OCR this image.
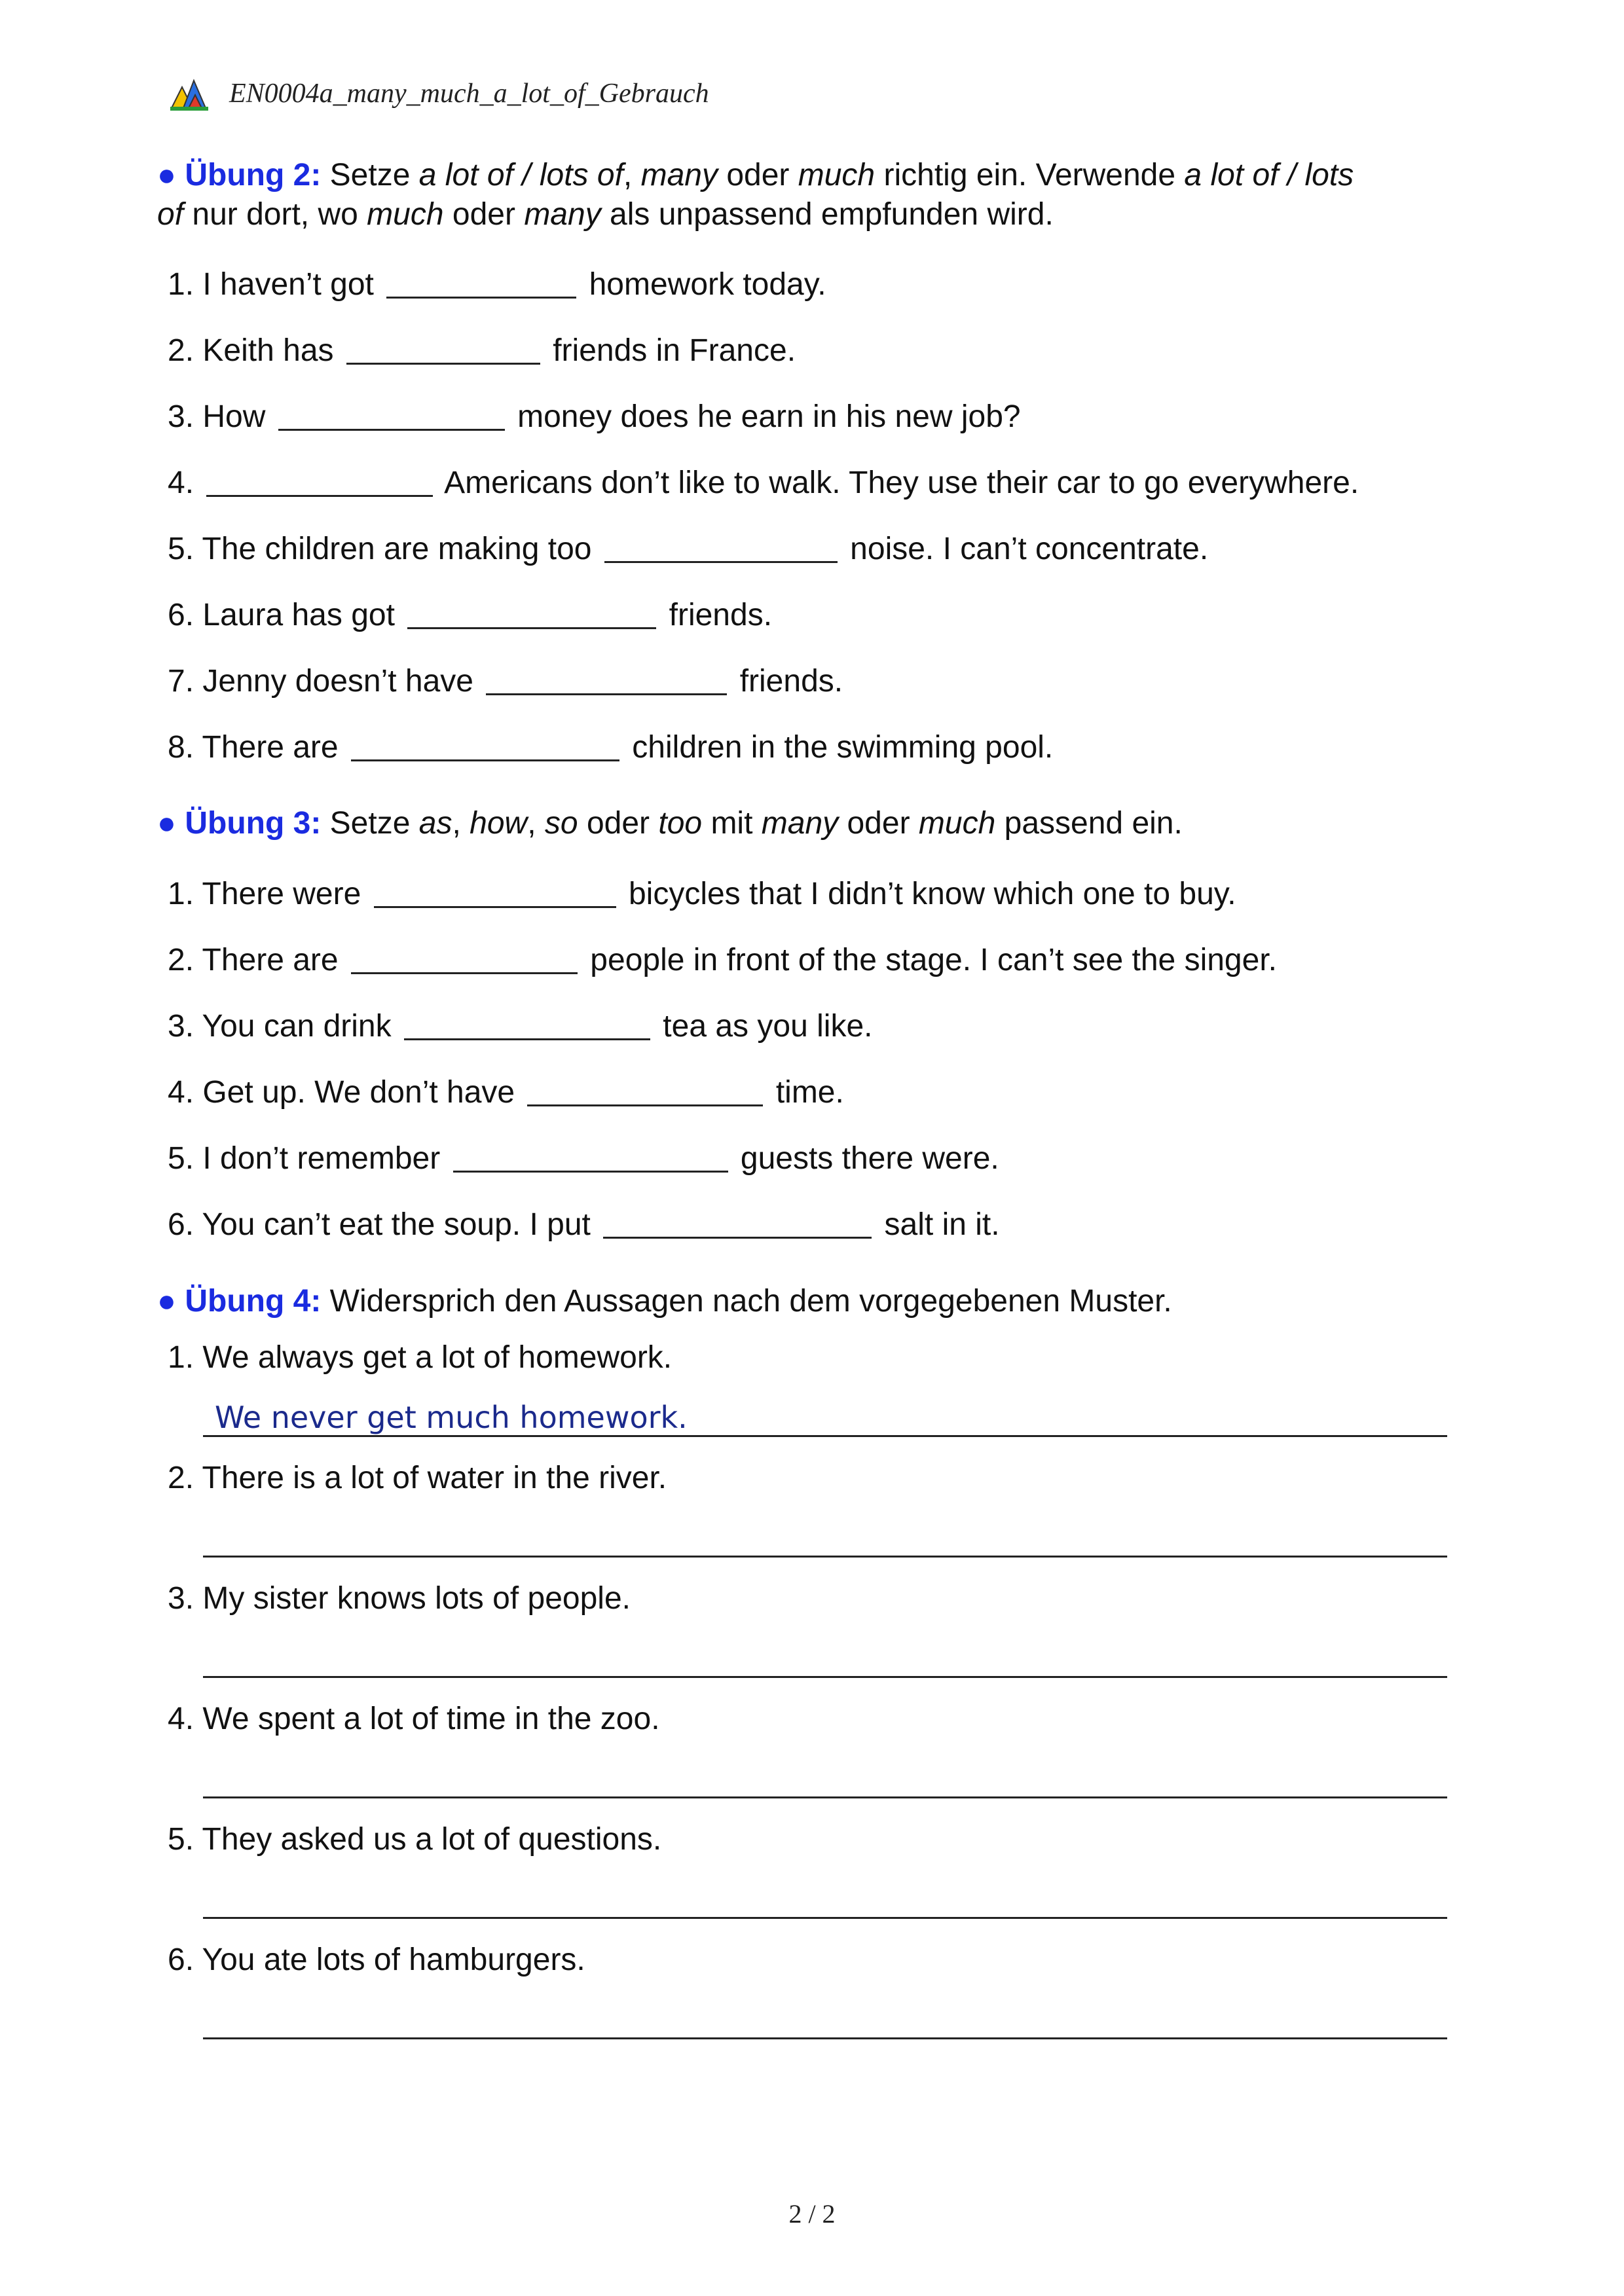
EN0004a_many_much_a_lot_of_Gebrauch
● Übung 2: Setze a lot of / lots of, many oder much richtig ein. Verwende a lot of / lots
of nur dort, wo much oder many als unpassend empfunden wird.
1. I haven’t got	homework today.
2. Keith has	friends in France.
3. How	money does he earn in his new job?
4.	Americans don’t like to walk. They use their car to go everywhere.
5. The children are making too	noise. I can’t concentrate.
6. Laura has got	friends.
7. Jenny doesn’t have	friends.
8. There are	children in the swimming pool.
● Übung 3: Setze as, how, so oder too mit many oder much passend ein.
1. There were	bicycles that I didn’t know which one to buy.
2. There are	people in front of the stage. I can’t see the singer.
3. You can drink	tea as you like.
4. Get up. We don’t have	time.
5. I don’t remember	guests there were.
6. You can’t eat the soup. I put	salt in it.
● Übung 4: Widersprich den Aussagen nach dem vorgegebenen Muster.
1. We always get a lot of homework.
We never get much homework.
2. There is a lot of water in the river.
3. My sister knows lots of people.
4. We spent a lot of time in the zoo.
5. They asked us a lot of questions.
6. You ate lots of hamburgers.
2 / 2
